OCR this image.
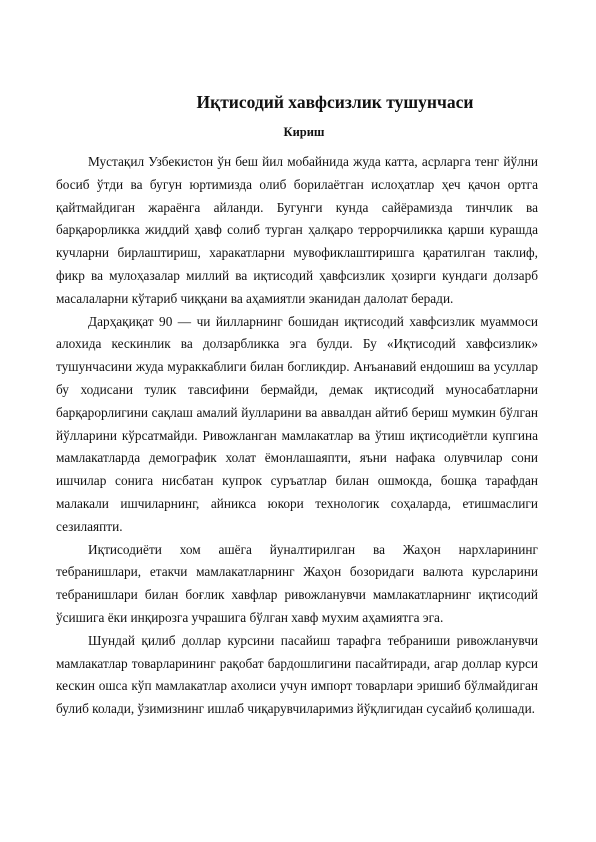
Иқтисодий хавфсизлик тушунчаси
Кириш

Мустақил Узбекистон ўн беш йил мобайнида жуда катта, асрларга тенг йўлни босиб ўтди ва бугун юртимизда олиб борилаётган ислоҳатлар ҳеч қачон ортга қайтмайдиган жараёнга айланди. Бугунги кунда сайёрамизда тинчлик ва барқарорликка жиддий ҳавф солиб турган ҳалқаро террорчиликка қарши курашда кучларни бирлаштириш, харакатларни мувофиклаштиришга қаратилган таклиф, фикр ва мулоҳазалар миллий ва иқтисодий ҳавфсизлик ҳозирги кундаги долзарб масалаларни кўтариб чиққани ва аҳамиятли эканидан далолат беради.

Дарҳақиқат 90 — чи йилларнинг бошидан иқтисодий хавфсизлик муаммоси алохида кескинлик ва долзарбликка эга булди. Бу «Иқтисодий хавфсизлик» тушунчасини жуда мураккаблиги билан богликдир. Анъанавий ендошиш ва усуллар бу ходисани тулик тавсифини бермайди, демак иқтисодий муносабатларни барқарорлигини сақлаш амалий йулларини ва аввалдан айтиб бериш мумкин бўлган йўлларини кўрсатмайди. Ривожланган мамлакатлар ва ўтиш иқтисодиётли купгина мамлакатларда демографик холат ёмонлашаяпти, яъни нафака олувчилар сони ишчилар сонига нисбатан купрок суръатлар билан ошмокда, бошқа тарафдан малакали ишчиларнинг, айникса юкори технологик соҳаларда, етишмаслиги сезилаяпти.

Иқтисодиёти хом ашёга йуналтирилган ва Жаҳон нархларининг тебранишлари, етакчи мамлакатларнинг Жаҳон бозоридаги валюта курсларини тебранишлари билан боғлик хавфлар ривожланувчи мамлакатларнинг иқтисодий ўсишига ёки инқирозга учрашига бўлган хавф мухим аҳамиятга эга.

Шундай қилиб доллар курсини пасайиш тарафга тебраниши ривожланувчи мамлакатлар товарларининг рақобат бардошлигини пасайтиради, агар доллар курси кескин ошса кўп мамлакатлар ахолиси учун импорт товарлари эришиб бўлмайдиган булиб колади, ўзимизнинг ишлаб чиқарувчиларимиз йўқлигидан сусайиб қолишади.
